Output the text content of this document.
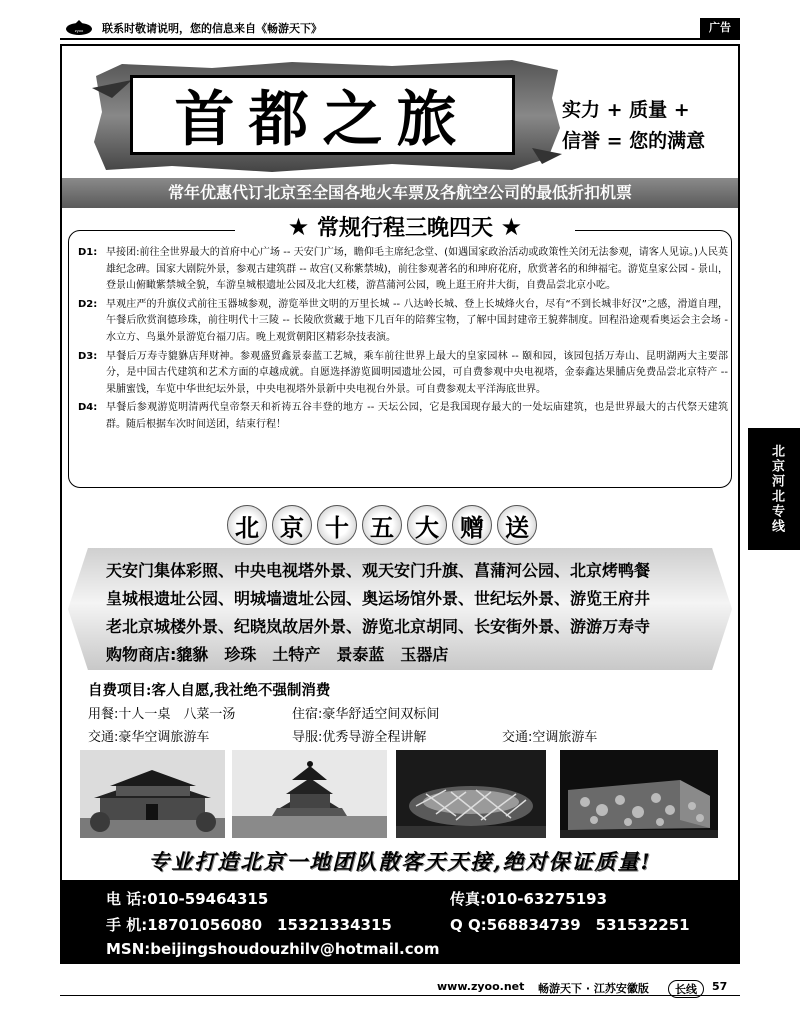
zyoo 联系时敬请说明，您的信息来自《畅游天下》	广告
首都之旅	实力 + 质量 +
信誉 = 您的满意
常年优惠代订北京至全国各地火车票及各航空公司的最低折扣机票
★ 常规行程三晚四天 ★
D1: 早接团:前往全世界最大的首府中心广场 -- 天安门广场，瞻仰毛主席纪念堂、(如遇国家政治活动或政策性关闭无法参观，请客人见谅。)人民英雄纪念碑。国家大剧院外景，参观古建筑群 -- 故宫(又称紫禁城)，前往参观著名的和珅府花府，欣赏著名的和绅福宅。游览皇家公园 - 景山，登景山俯瞰紫禁城全貌，车游皇城根遗址公园及北大红楼，游菖蒲河公园，晚上逛王府井大街，自费品尝北京小吃。
D2: 早观庄严的升旗仪式前往玉器城参观，游览举世文明的万里长城 -- 八达岭长城、登上长城烽火台，尽有“不到长城非好汉”之感，滑道自理，午餐后欣赏润德珍珠，前往明代十三陵 -- 长陵欣赏藏于地下几百年的陪葬宝物，了解中国封建帝王貌葬制度。回程沿途观看奥运会主会场 - 水立方、鸟巢外景游览台福刀店。晚上观赏朝阳区精彩杂技表演。
D3: 早餐后万寿寺貔貅店拜财神。参观盛贸鑫景泰蓝工艺城，乘车前往世界上最大的皇家园林 -- 颐和园，该园包括万寿山、昆明湖两大主要部分，是中国古代建筑和艺术方面的卓越成就。自愿选择游览圆明园遗址公园，可自费参观中央电视塔，金泰鑫达果脯店免费品尝北京特产 -- 果脯蜜饯，车览中华世纪坛外景，中央电视塔外景新中央电视台外景。可自费参观太平洋海底世界。
D4: 早餐后参观游览明清两代皇帝祭天和祈祷五谷丰登的地方 -- 天坛公园，它是我国现存最大的一处坛庙建筑，也是世界最大的古代祭天建筑群。随后根据车次时间送团，结束行程！
北 京 十 五 大 赠 送
天安门集体彩照、中央电视塔外景、观天安门升旗、菖蒲河公园、北京烤鸭餐
皇城根遗址公园、明城墙遗址公园、奥运场馆外景、世纪坛外景、游览王府井
老北京城楼外景、纪晓岚故居外景、游览北京胡同、长安街外景、游游万寿寺
购物商店:貔貅　珍珠　土特产　景泰蓝　玉器店
自费项目:客人自愿,我社绝不强制消费
用餐:十人一桌　八菜一汤	住宿:豪华舒适空间双标间
交通:豪华空调旅游车	导服:优秀导游全程讲解	交通:空调旅游车
专业打造北京一地团队散客天天接,绝对保证质量!
电 话:010-59464315	传真:010-63275193
手 机:18701056080　15321334315	Q Q:568834739　531532251
MSN:beijingshoudouzhilv@hotmail.com
www.zyoo.net 畅游天下 · 江苏安徽版	长线	57
北京河北专线
